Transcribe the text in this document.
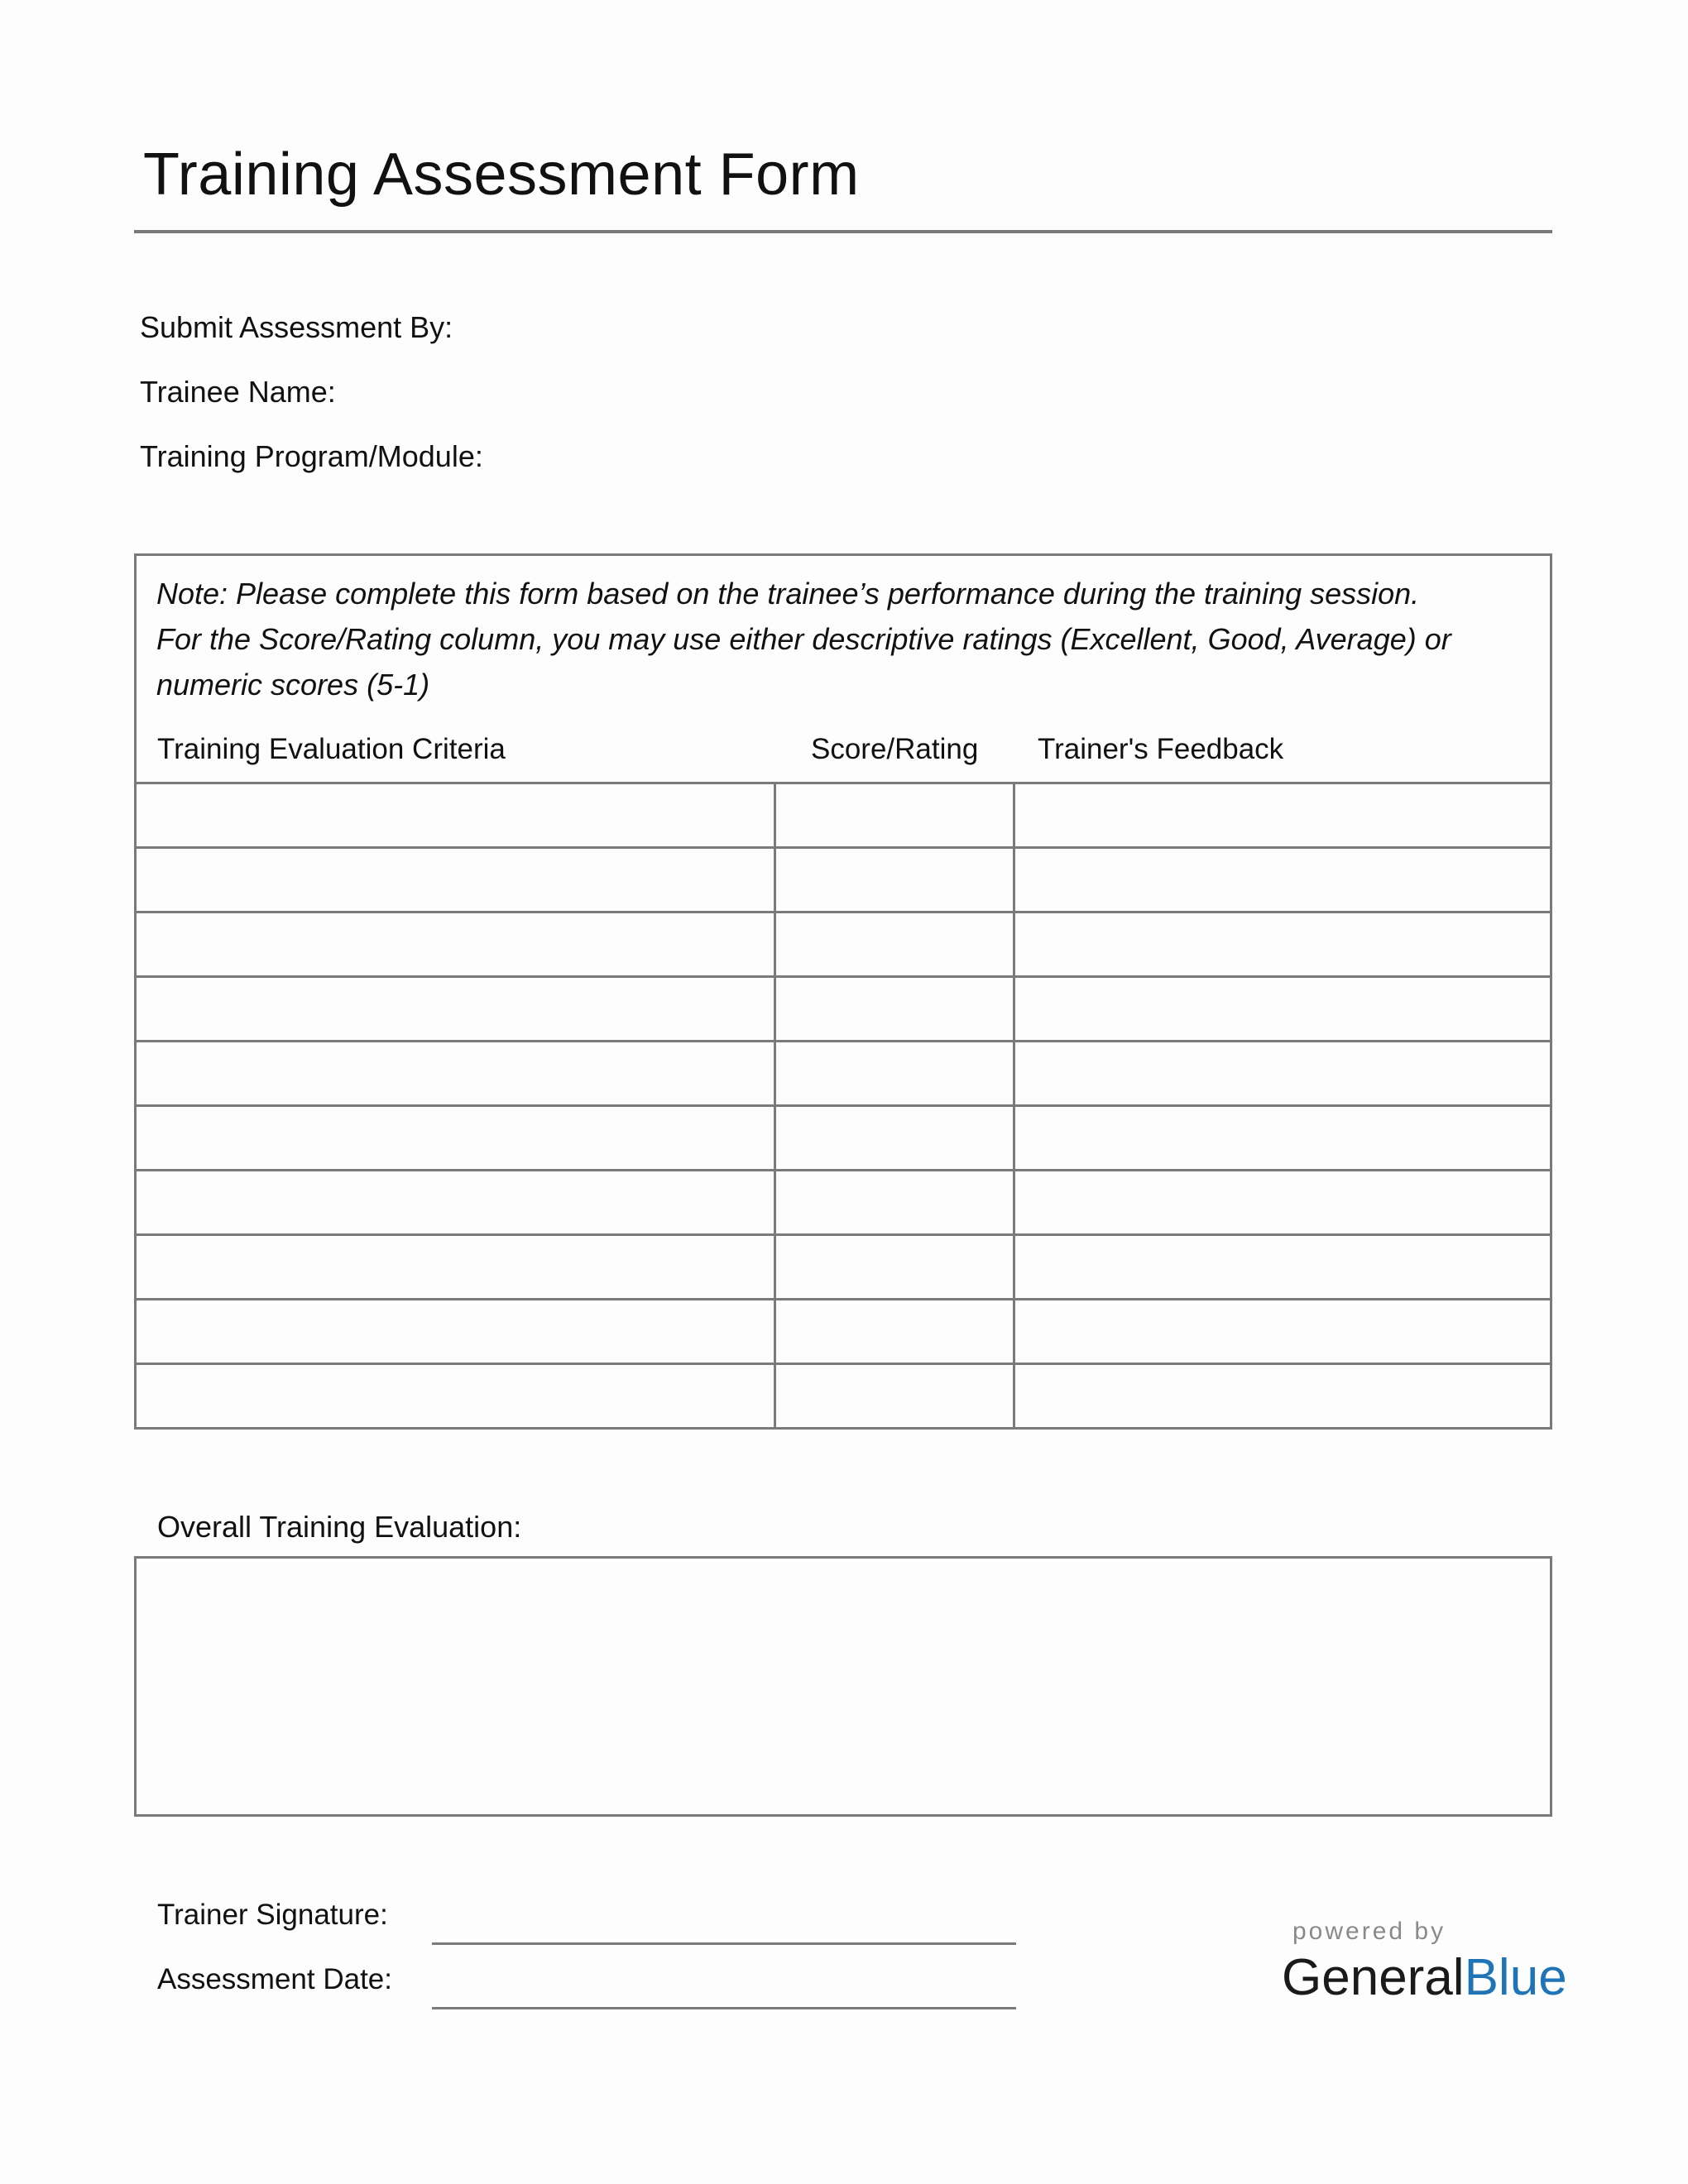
Training Assessment Form
Submit Assessment By:
Trainee Name:
Training Program/Module:
Note: Please complete this form based on the trainee’s performance during the training session.
For the Score/Rating column, you may use either descriptive ratings (Excellent, Good, Average) or
numeric scores (5-1)
Training Evaluation Criteria	Score/Rating Trainer's Feedback
Overall Training Evaluation:
Trainer Signature:
Assessment Date:
powered by
GeneralBlue
